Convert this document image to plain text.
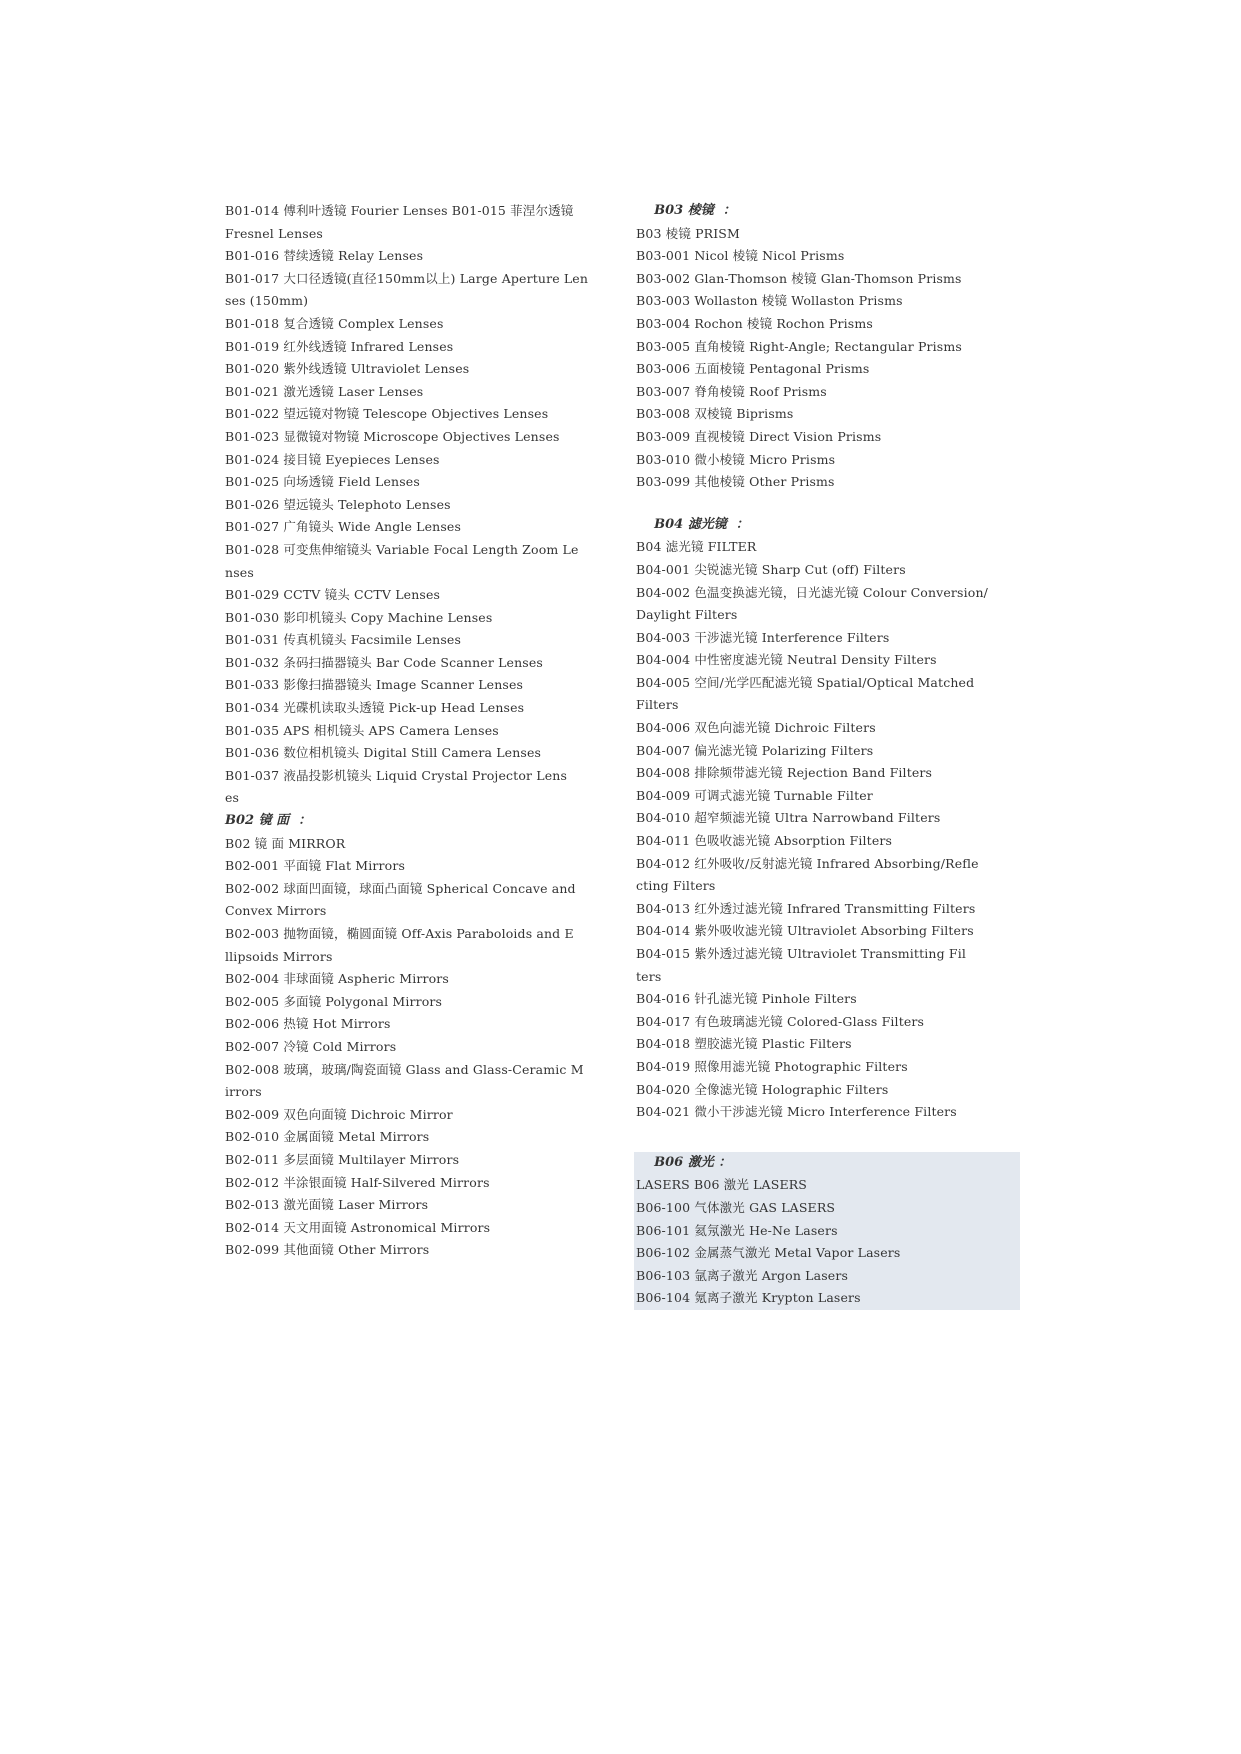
B01-014 傅利叶透镜 Fourier Lenses B01-015 菲涅尔透镜
Fresnel Lenses
B01-016 替续透镜 Relay Lenses
B01-017 大口径透镜(直径150mm以上) Large Aperture Len
ses (150mm)
B01-018 复合透镜 Complex Lenses
B01-019 红外线透镜 Infrared Lenses
B01-020 紫外线透镜 Ultraviolet Lenses
B01-021 激光透镜 Laser Lenses
B01-022 望远镜对物镜 Telescope Objectives Lenses
B01-023 显微镜对物镜 Microscope Objectives Lenses
B01-024 接目镜 Eyepieces Lenses
B01-025 向场透镜 Field Lenses
B01-026 望远镜头 Telephoto Lenses
B01-027 广角镜头 Wide Angle Lenses
B01-028 可变焦伸缩镜头 Variable Focal Length Zoom Le
nses
B01-029 CCTV 镜头 CCTV Lenses
B01-030 影印机镜头 Copy Machine Lenses
B01-031 传真机镜头 Facsimile Lenses
B01-032 条码扫描器镜头 Bar Code Scanner Lenses
B01-033 影像扫描器镜头 Image Scanner Lenses
B01-034 光碟机读取头透镜 Pick-up Head Lenses
B01-035 APS 相机镜头 APS Camera Lenses
B01-036 数位相机镜头 Digital Still Camera Lenses
B01-037 液晶投影机镜头 Liquid Crystal Projector Lens
es
B02 镜 面  ：
B02 镜 面 MIRROR
B02-001 平面镜 Flat Mirrors
B02-002 球面凹面镜，球面凸面镜 Spherical Concave and
Convex Mirrors
B02-003 抛物面镜，椭圆面镜 Off-Axis Paraboloids and E
llipsoids Mirrors
B02-004 非球面镜 Aspheric Mirrors
B02-005 多面镜 Polygonal Mirrors
B02-006 热镜 Hot Mirrors
B02-007 冷镜 Cold Mirrors
B02-008 玻璃，玻璃/陶瓷面镜 Glass and Glass-Ceramic M
irrors
B02-009 双色向面镜 Dichroic Mirror
B02-010 金属面镜 Metal Mirrors
B02-011 多层面镜 Multilayer Mirrors
B02-012 半涂银面镜 Half-Silvered Mirrors
B02-013 激光面镜 Laser Mirrors
B02-014 天文用面镜 Astronomical Mirrors
B02-099 其他面镜 Other Mirrors
B03 棱镜  ：
B03 棱镜 PRISM
B03-001 Nicol 棱镜 Nicol Prisms
B03-002 Glan-Thomson 棱镜 Glan-Thomson Prisms
B03-003 Wollaston 棱镜 Wollaston Prisms
B03-004 Rochon 棱镜 Rochon Prisms
B03-005 直角棱镜 Right-Angle; Rectangular Prisms
B03-006 五面棱镜 Pentagonal Prisms
B03-007 脊角棱镜 Roof Prisms
B03-008 双棱镜 Biprisms
B03-009 直视棱镜 Direct Vision Prisms
B03-010 微小棱镜 Micro Prisms
B03-099 其他棱镜 Other Prisms
B04 滤光镜  ：
B04 滤光镜 FILTER
B04-001 尖锐滤光镜 Sharp Cut (off) Filters
B04-002 色温变换滤光镜，日光滤光镜 Colour Conversion/
Daylight Filters
B04-003 干涉滤光镜 Interference Filters
B04-004 中性密度滤光镜 Neutral Density Filters
B04-005 空间/光学匹配滤光镜 Spatial/Optical Matched
Filters
B04-006 双色向滤光镜 Dichroic Filters
B04-007 偏光滤光镜 Polarizing Filters
B04-008 排除频带滤光镜 Rejection Band Filters
B04-009 可调式滤光镜 Turnable Filter
B04-010 超窄频滤光镜 Ultra Narrowband Filters
B04-011 色吸收滤光镜 Absorption Filters
B04-012 红外吸收/反射滤光镜 Infrared Absorbing/Refle
cting Filters
B04-013 红外透过滤光镜 Infrared Transmitting Filters
B04-014 紫外吸收滤光镜 Ultraviolet Absorbing Filters
B04-015 紫外透过滤光镜 Ultraviolet Transmitting Fil
ters
B04-016 针孔滤光镜 Pinhole Filters
B04-017 有色玻璃滤光镜 Colored-Glass Filters
B04-018 塑胶滤光镜 Plastic Filters
B04-019 照像用滤光镜 Photographic Filters
B04-020 全像滤光镜 Holographic Filters
B04-021 微小干涉滤光镜 Micro Interference Filters
B06 激光 ：
LASERS B06 激光 LASERS
B06-100 气体激光 GAS LASERS
B06-101 氦氖激光 He-Ne Lasers
B06-102 金属蒸气激光 Metal Vapor Lasers
B06-103 氩离子激光 Argon Lasers
B06-104 氪离子激光 Krypton Lasers
